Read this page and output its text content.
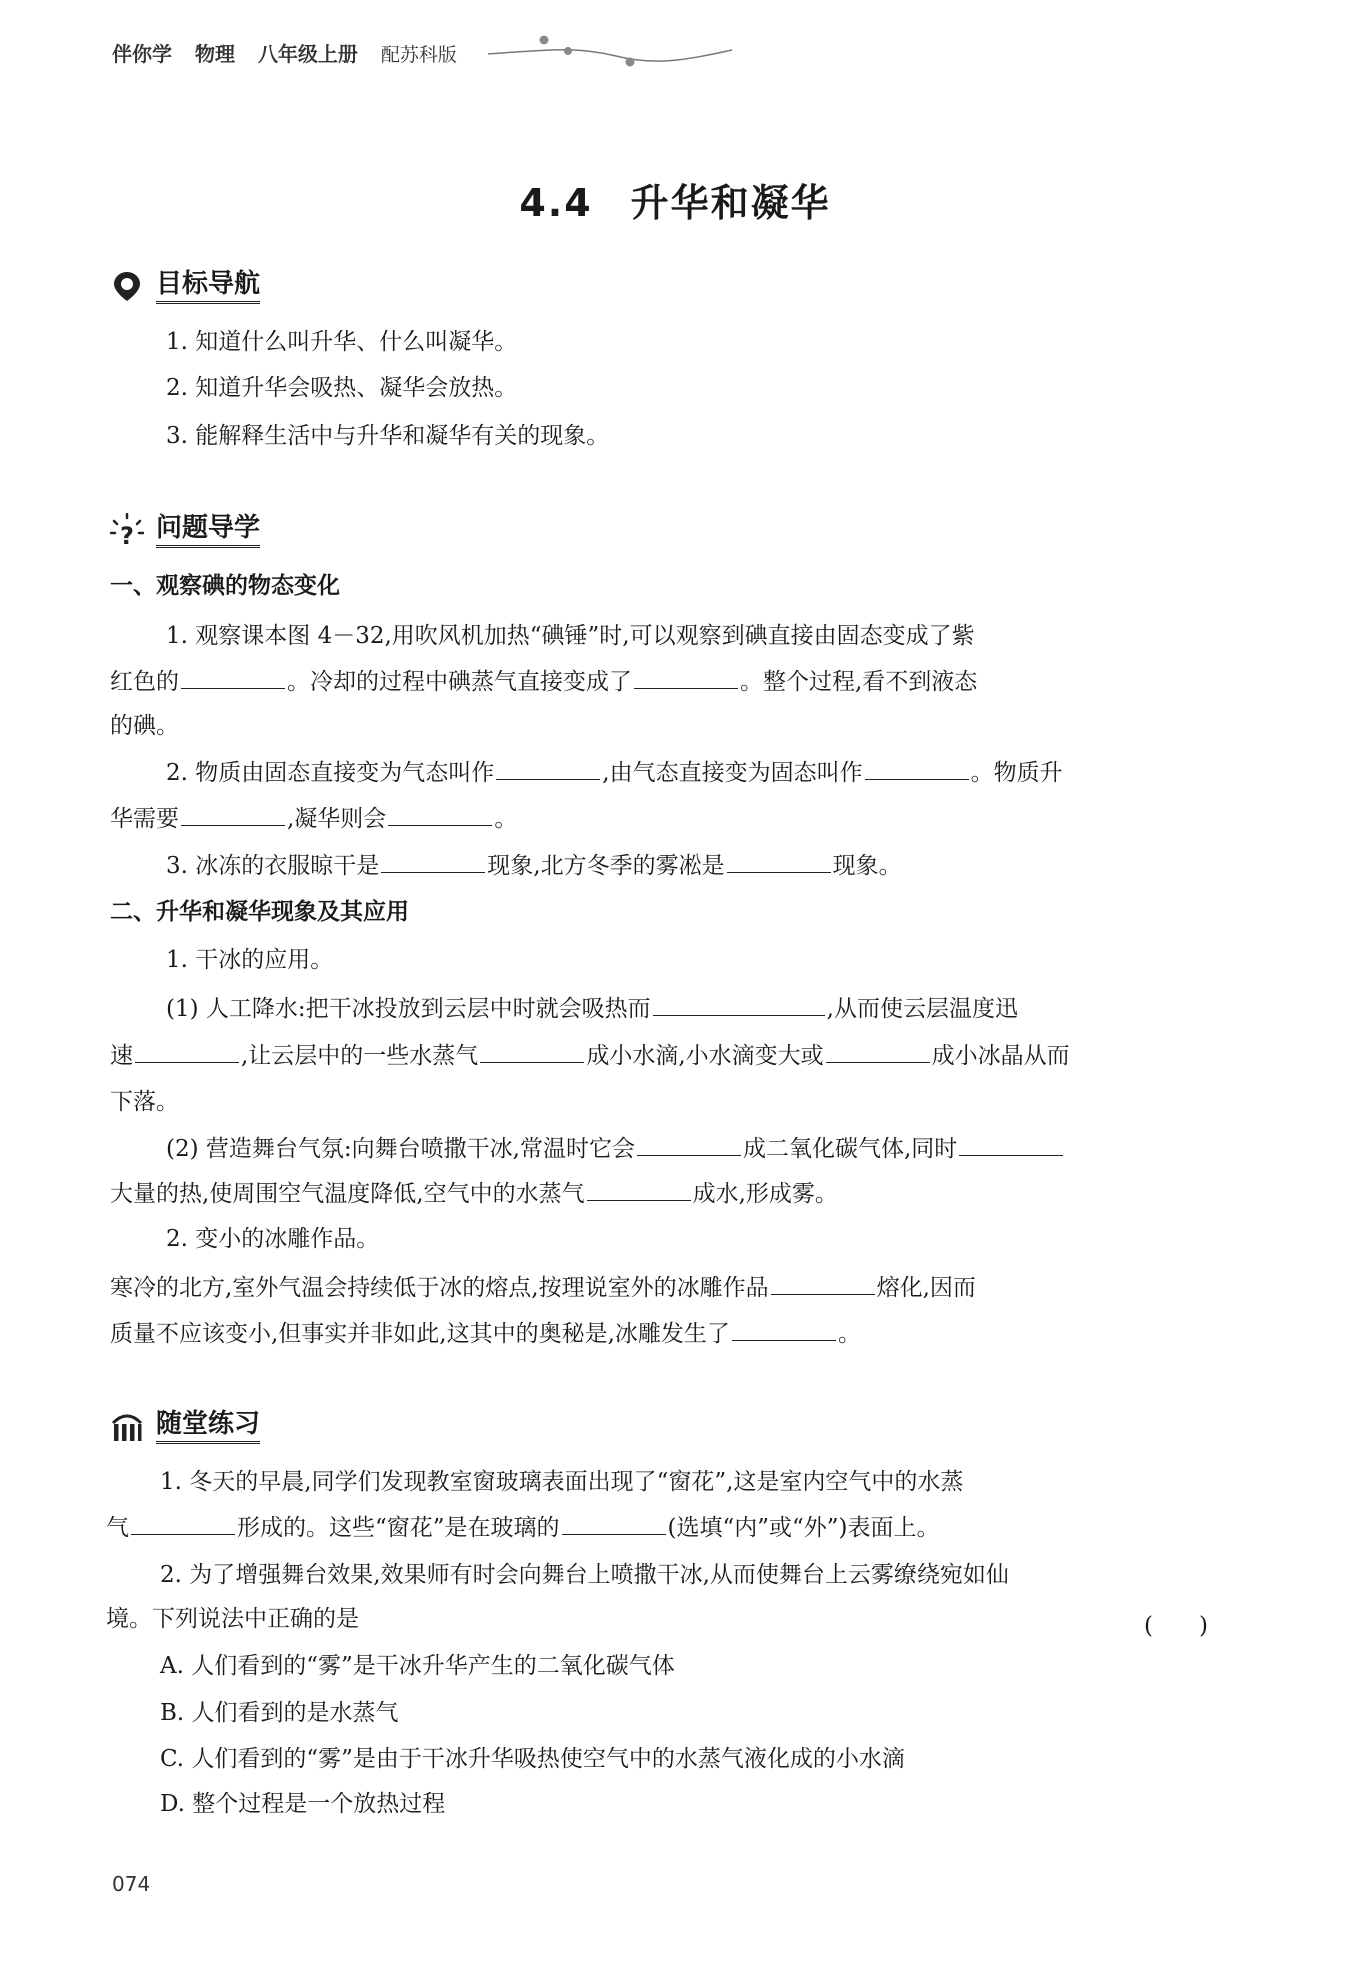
伴你学 物理 八年级上册 配苏科版
4.4 升华和凝华
目标导航
1. 知道什么叫升华、什么叫凝华。
2. 知道升华会吸热、凝华会放热。
3. 能解释生活中与升华和凝华有关的现象。
? 问题导学
一、观察碘的物态变化
1. 观察课本图 4－32,用吹风机加热“碘锤”时,可以观察到碘直接由固态变成了紫
红色的	。冷却的过程中碘蒸气直接变成了	。整个过程,看不到液态
的碘。
2. 物质由固态直接变为气态叫作	,由气态直接变为固态叫作	。物质升
华需要	,凝华则会	。
3. 冰冻的衣服晾干是	现象,北方冬季的雾凇是	现象。
二、升华和凝华现象及其应用
1. 干冰的应用。
(1) 人工降水:把干冰投放到云层中时就会吸热而	,从而使云层温度迅
速	,让云层中的一些水蒸气	成小水滴,小水滴变大或	成小冰晶从而
下落。
(2) 营造舞台气氛:向舞台喷撒干冰,常温时它会	成二氧化碳气体,同时
大量的热,使周围空气温度降低,空气中的水蒸气	成水,形成雾。
2. 变小的冰雕作品。
寒冷的北方,室外气温会持续低于冰的熔点,按理说室外的冰雕作品	熔化,因而
质量不应该变小,但事实并非如此,这其中的奥秘是,冰雕发生了	。
随堂练习
1. 冬天的早晨,同学们发现教室窗玻璃表面出现了“窗花”,这是室内空气中的水蒸
气	形成的。这些“窗花”是在玻璃的	(选填“内”或“外”)表面上。
2. 为了增强舞台效果,效果师有时会向舞台上喷撒干冰,从而使舞台上云雾缭绕宛如仙
境。下列说法中正确的是	(　　)
A. 人们看到的“雾”是干冰升华产生的二氧化碳气体
B. 人们看到的是水蒸气
C. 人们看到的“雾”是由于干冰升华吸热使空气中的水蒸气液化成的小水滴
D. 整个过程是一个放热过程
074
